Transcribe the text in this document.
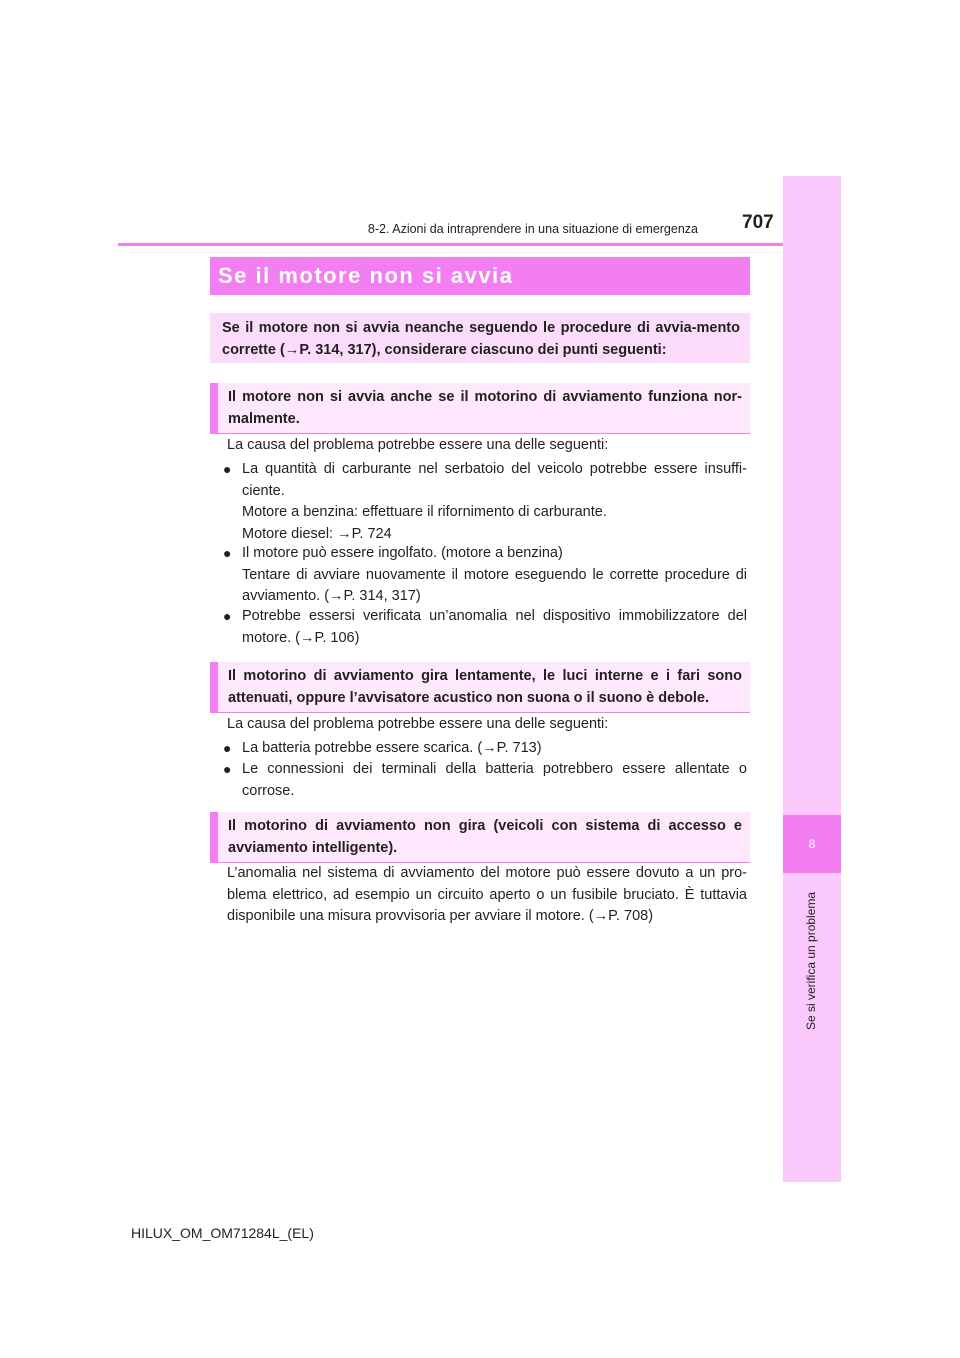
8
Se si verifica un problema
8-2. Azioni da intraprendere in una situazione di emergenza 707
Se il motore non si avvia
Se il motore non si avvia neanche seguendo le procedure di avvia-mento corrette (→P. 314, 317), considerare ciascuno dei punti seguenti:
Il motore non si avvia anche se il motorino di avviamento funziona nor-malmente.
La causa del problema potrebbe essere una delle seguenti:
● La quantità di carburante nel serbatoio del veicolo potrebbe essere insuffi-ciente.
Motore a benzina: effettuare il rifornimento di carburante.
Motore diesel: →P. 724
● Il motore può essere ingolfato. (motore a benzina)
Tentare di avviare nuovamente il motore eseguendo le corrette procedure di avviamento. (→P. 314, 317)
● Potrebbe essersi verificata un’anomalia nel dispositivo immobilizzatore del motore. (→P. 106)
Il motorino di avviamento gira lentamente, le luci interne e i fari sono attenuati, oppure l’avvisatore acustico non suona o il suono è debole.
La causa del problema potrebbe essere una delle seguenti:
● La batteria potrebbe essere scarica. (→P. 713)
● Le connessioni dei terminali della batteria potrebbero essere allentate o corrose.
Il motorino di avviamento non gira (veicoli con sistema di accesso e avviamento intelligente).
L’anomalia nel sistema di avviamento del motore può essere dovuto a un pro-blema elettrico, ad esempio un circuito aperto o un fusibile bruciato. È tuttavia disponibile una misura provvisoria per avviare il motore. (→P. 708)
HILUX_OM_OM71284L_(EL)
